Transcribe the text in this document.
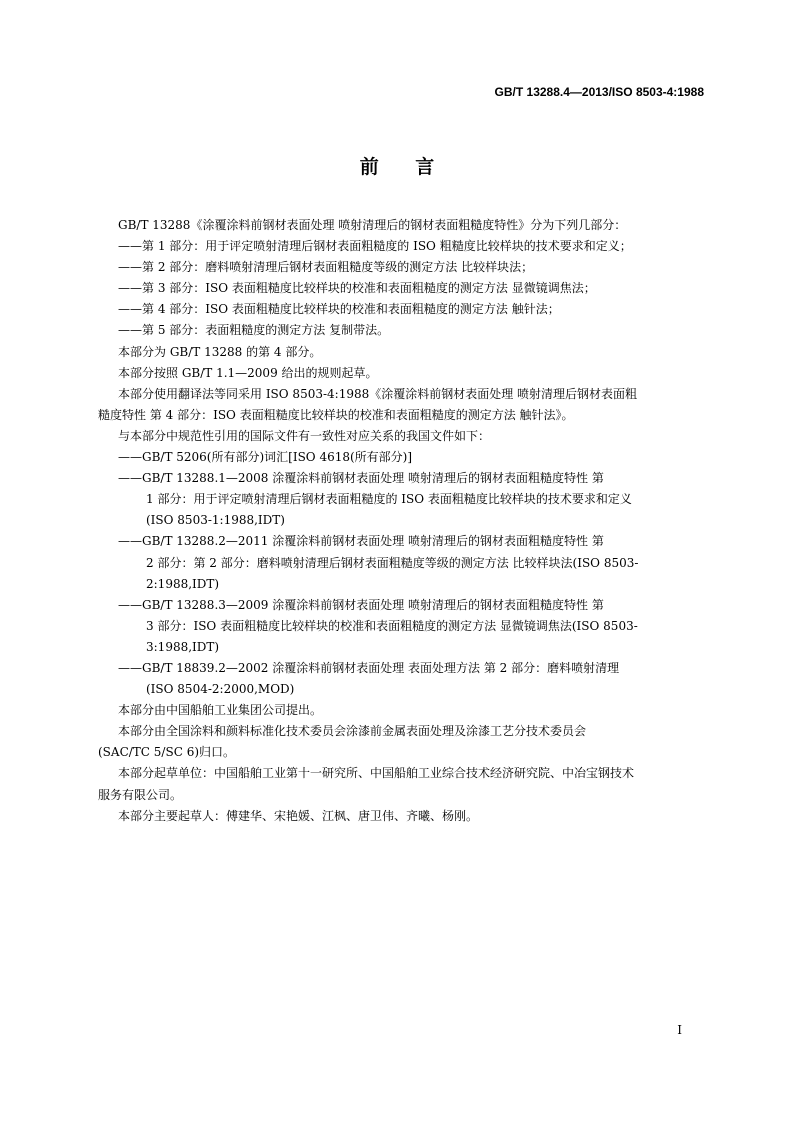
GB/T 13288.4—2013/ISO 8503-4:1988
前 言

GB/T 13288《涂覆涂料前钢材表面处理 喷射清理后的钢材表面粗糙度特性》分为下列几部分：

——第 1 部分：用于评定喷射清理后钢材表面粗糙度的 ISO 粗糙度比较样块的技术要求和定义；

——第 2 部分：磨料喷射清理后钢材表面粗糙度等级的测定方法 比较样块法；

——第 3 部分：ISO 表面粗糙度比较样块的校准和表面粗糙度的测定方法 显微镜调焦法；

——第 4 部分：ISO 表面粗糙度比较样块的校准和表面粗糙度的测定方法 触针法；

——第 5 部分：表面粗糙度的测定方法 复制带法。

本部分为 GB/T 13288 的第 4 部分。

本部分按照 GB/T 1.1—2009 给出的规则起草。

本部分使用翻译法等同采用 ISO 8503-4:1988《涂覆涂料前钢材表面处理 喷射清理后钢材表面粗

糙度特性 第 4 部分：ISO 表面粗糙度比较样块的校准和表面粗糙度的测定方法 触针法》。

与本部分中规范性引用的国际文件有一致性对应关系的我国文件如下：

——GB/T 5206(所有部分)词汇[ISO 4618(所有部分)]

——GB/T 13288.1—2008 涂覆涂料前钢材表面处理 喷射清理后的钢材表面粗糙度特性 第

1 部分：用于评定喷射清理后钢材表面粗糙度的 ISO 表面粗糙度比较样块的技术要求和定义

(ISO 8503-1:1988,IDT)

——GB/T 13288.2—2011 涂覆涂料前钢材表面处理 喷射清理后的钢材表面粗糙度特性 第

2 部分：第 2 部分：磨料喷射清理后钢材表面粗糙度等级的测定方法 比较样块法(ISO 8503-

2:1988,IDT)

——GB/T 13288.3—2009 涂覆涂料前钢材表面处理 喷射清理后的钢材表面粗糙度特性 第

3 部分：ISO 表面粗糙度比较样块的校准和表面粗糙度的测定方法 显微镜调焦法(ISO 8503-

3:1988,IDT)

——GB/T 18839.2—2002 涂覆涂料前钢材表面处理 表面处理方法 第 2 部分：磨料喷射清理

(ISO 8504-2:2000,MOD)

本部分由中国船舶工业集团公司提出。

本部分由全国涂料和颜料标准化技术委员会涂漆前金属表面处理及涂漆工艺分技术委员会

(SAC/TC 5/SC 6)归口。

本部分起草单位：中国船舶工业第十一研究所、中国船舶工业综合技术经济研究院、中冶宝钢技术

服务有限公司。

本部分主要起草人：傅建华、宋艳媛、江枫、唐卫伟、齐曦、杨刚。

I
